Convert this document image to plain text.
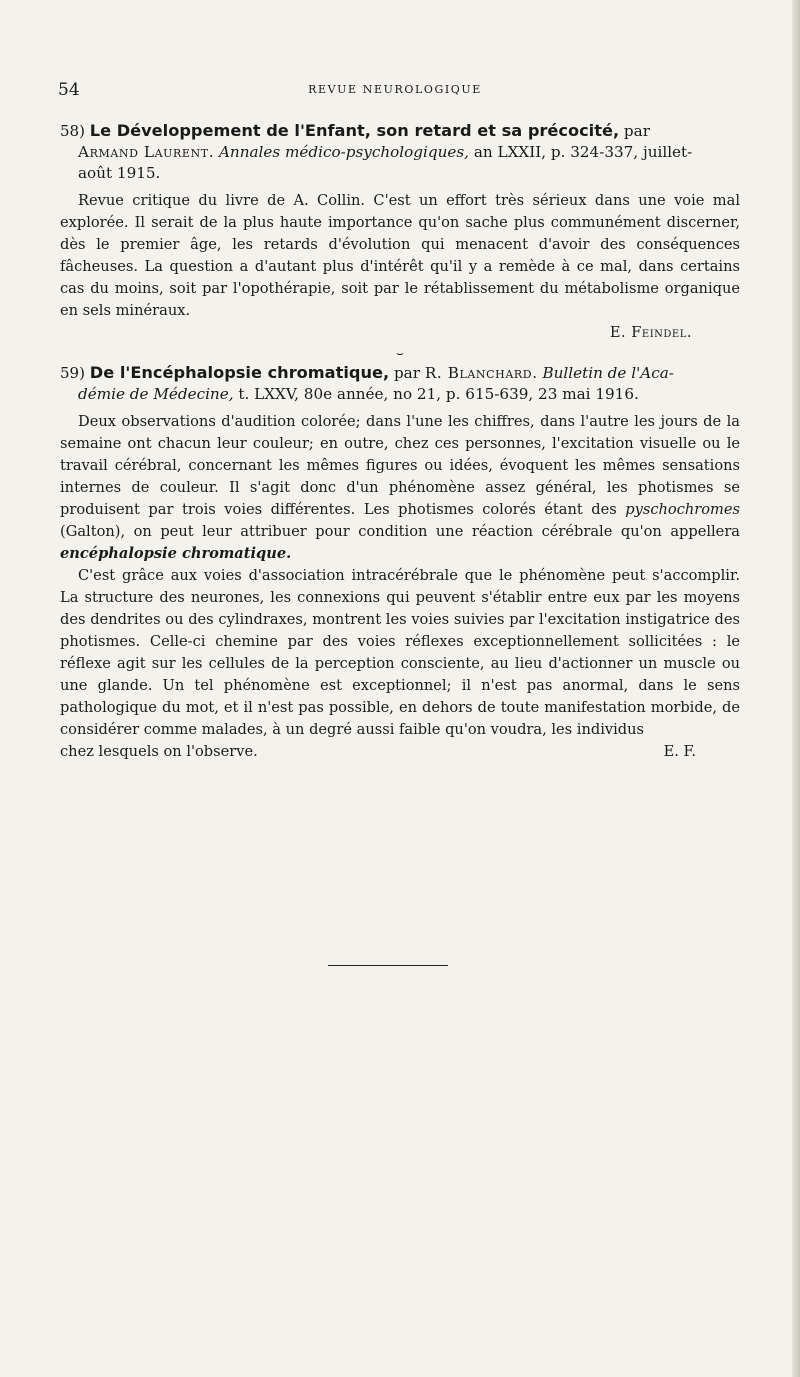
54	REVUE NEUROLOGIQUE
58) Le Développement de l'Enfant, son retard et sa précocité, par
Armand Laurent. Annales médico-psychologiques, an LXXII, p. 324-337, juillet-
août 1915.

Revue critique du livre de A. Collin. C'est un effort très sérieux dans une voie mal explorée. Il serait de la plus haute importance qu'on sache plus communément discerner, dès le premier âge, les retards d'évolution qui menacent d'avoir des conséquences fâcheuses. La question a d'autant plus d'intérêt qu'il y a remède à ce mal, dans certains cas du moins, soit par l'opothérapie, soit par le rétablissement du métabolisme organique en sels minéraux.

E. Feindel.
⌣
59) De l'Encéphalopsie chromatique, par R. Blanchard. Bulletin de l'Aca-
démie de Médecine, t. LXXV, 80e année, no 21, p. 615-639, 23 mai 1916.

Deux observations d'audition colorée; dans l'une les chiffres, dans l'autre les jours de la semaine ont chacun leur couleur; en outre, chez ces personnes, l'excitation visuelle ou le travail cérébral, concernant les mêmes figures ou idées, évoquent les mêmes sensations internes de couleur. Il s'agit donc d'un phénomène assez général, les photismes se produisent par trois voies différentes. Les photismes colorés étant des pyschochromes (Galton), on peut leur attribuer pour condition une réaction cérébrale qu'on appellera encéphalopsie chromatique.

C'est grâce aux voies d'association intracérébrale que le phénomène peut s'accomplir. La structure des neurones, les connexions qui peuvent s'établir entre eux par les moyens des dendrites ou des cylindraxes, montrent les voies suivies par l'excitation instigatrice des photismes. Celle-ci chemine par des voies réflexes exceptionnellement sollicitées : le réflexe agit sur les cellules de la perception consciente, au lieu d'actionner un muscle ou une glande. Un tel phénomène est exceptionnel; il n'est pas anormal, dans le sens pathologique du mot, et il n'est pas possible, en dehors de toute manifestation morbide, de considérer comme malades, à un degré aussi faible qu'on voudra, les individus

chez lesquels on l'observe.	E. F.
